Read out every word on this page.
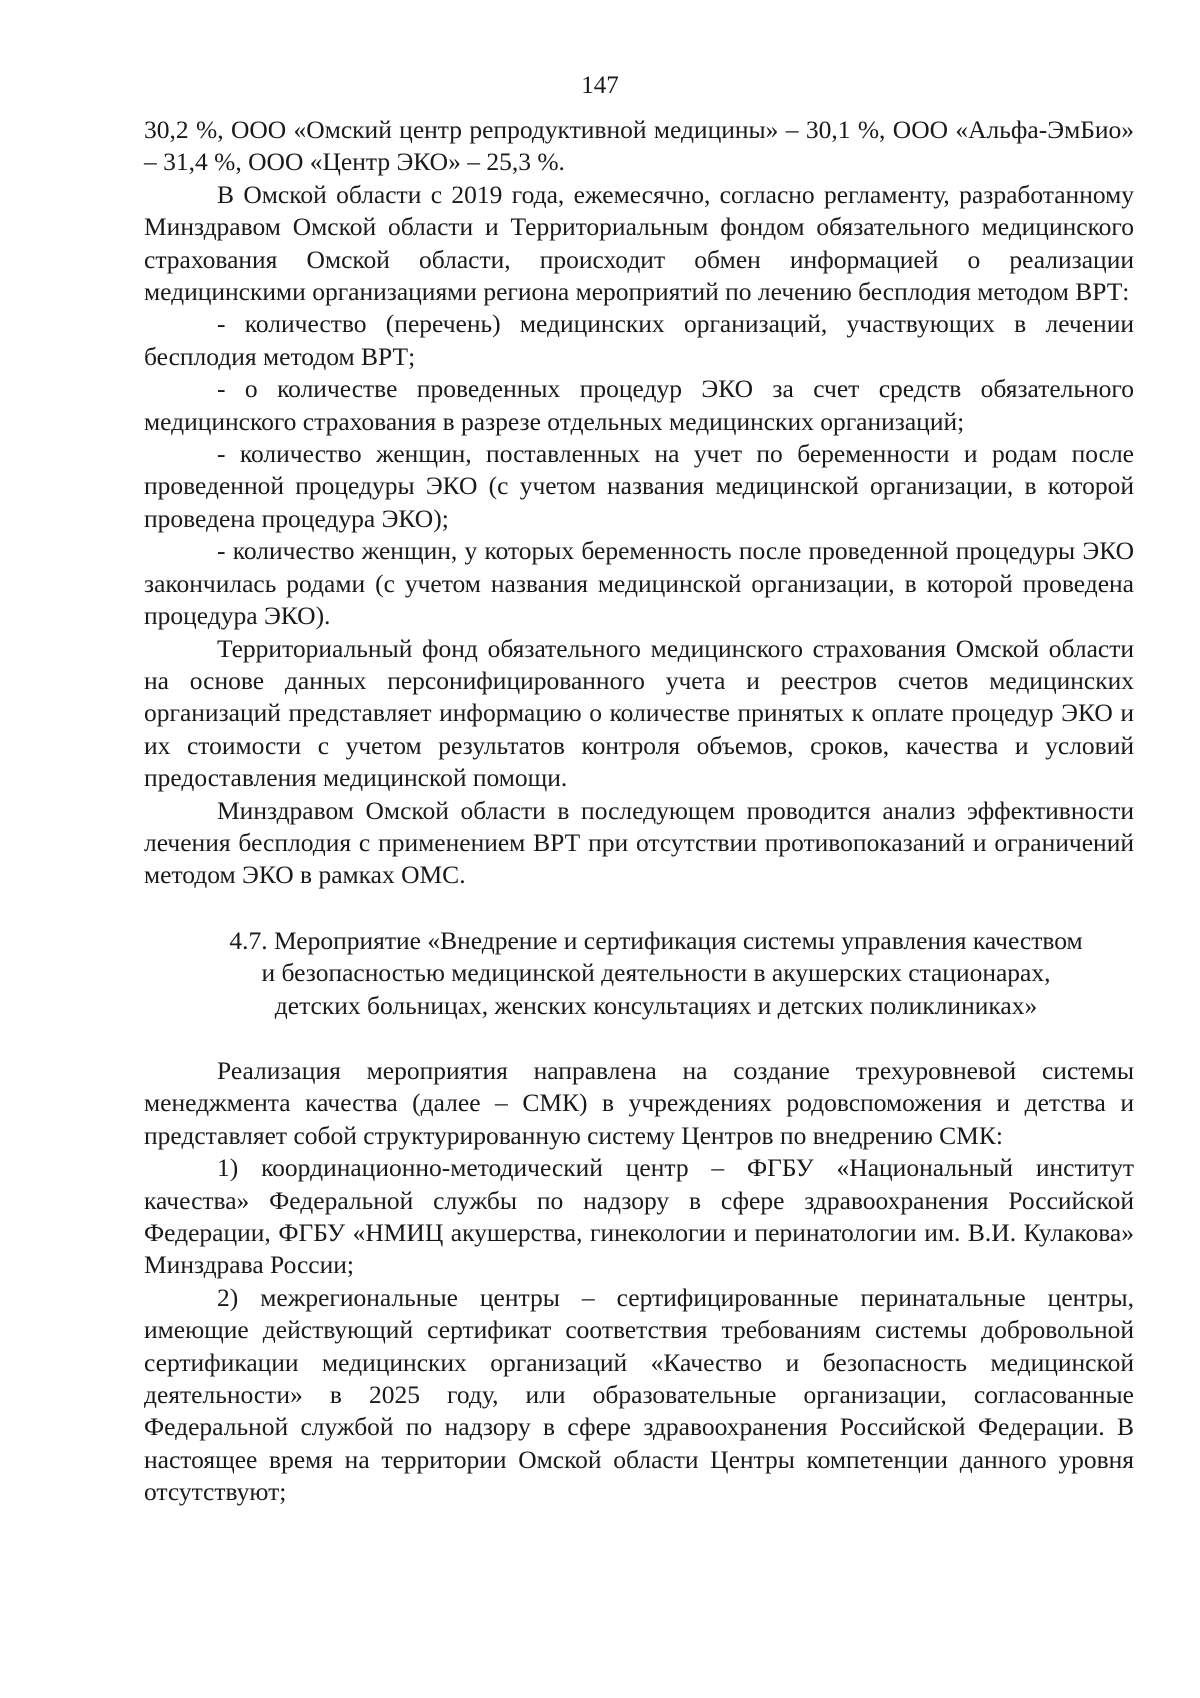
147

30,2 %, ООО «Омский центр репродуктивной медицины» – 30,1 %, ООО «Альфа-ЭмБио» – 31,4 %, ООО «Центр ЭКО» – 25,3 %.

В Омской области с 2019 года, ежемесячно, согласно регламенту, разработанному Минздравом Омской области и Территориальным фондом обязательного медицинского страхования Омской области, происходит обмен информацией о реализации медицинскими организациями региона мероприятий по лечению бесплодия методом ВРТ:

- количество (перечень) медицинских организаций, участвующих в лечении бесплодия методом ВРТ;

- о количестве проведенных процедур ЭКО за счет средств обязательного медицинского страхования в разрезе отдельных медицинских организаций;

- количество женщин, поставленных на учет по беременности и родам после проведенной процедуры ЭКО (с учетом названия медицинской организации, в которой проведена процедура ЭКО);

- количество женщин, у которых беременность после проведенной процедуры ЭКО закончилась родами (с учетом названия медицинской организации, в которой проведена процедура ЭКО).

Территориальный фонд обязательного медицинского страхования Омской области на основе данных персонифицированного учета и реестров счетов медицинских организаций представляет информацию о количестве принятых к оплате процедур ЭКО и их стоимости с учетом результатов контроля объемов, сроков, качества и условий предоставления медицинской помощи.

Минздравом Омской области в последующем проводится анализ эффективности лечения бесплодия с применением ВРТ при отсутствии противопоказаний и ограничений методом ЭКО в рамках ОМС.

4.7. Мероприятие «Внедрение и сертификация системы управления качеством
и безопасностью медицинской деятельности в акушерских стационарах,
детских больницах, женских консультациях и детских поликлиниках»

Реализация мероприятия направлена на создание трехуровневой системы менеджмента качества (далее – СМК) в учреждениях родовспоможения и детства и представляет собой структурированную систему Центров по внедрению СМК:

1) координационно-методический центр – ФГБУ «Национальный институт качества» Федеральной службы по надзору в сфере здравоохранения Российской Федерации, ФГБУ «НМИЦ акушерства, гинекологии и перинатологии им. В.И. Кулакова» Минздрава России;

2) межрегиональные центры – сертифицированные перинатальные центры, имеющие действующий сертификат соответствия требованиям системы добровольной сертификации медицинских организаций «Качество и безопасность медицинской деятельности» в 2025 году, или образовательные организации, согласованные Федеральной службой по надзору в сфере здравоохранения Российской Федерации. В настоящее время на территории Омской области Центры компетенции данного уровня отсутствуют;
